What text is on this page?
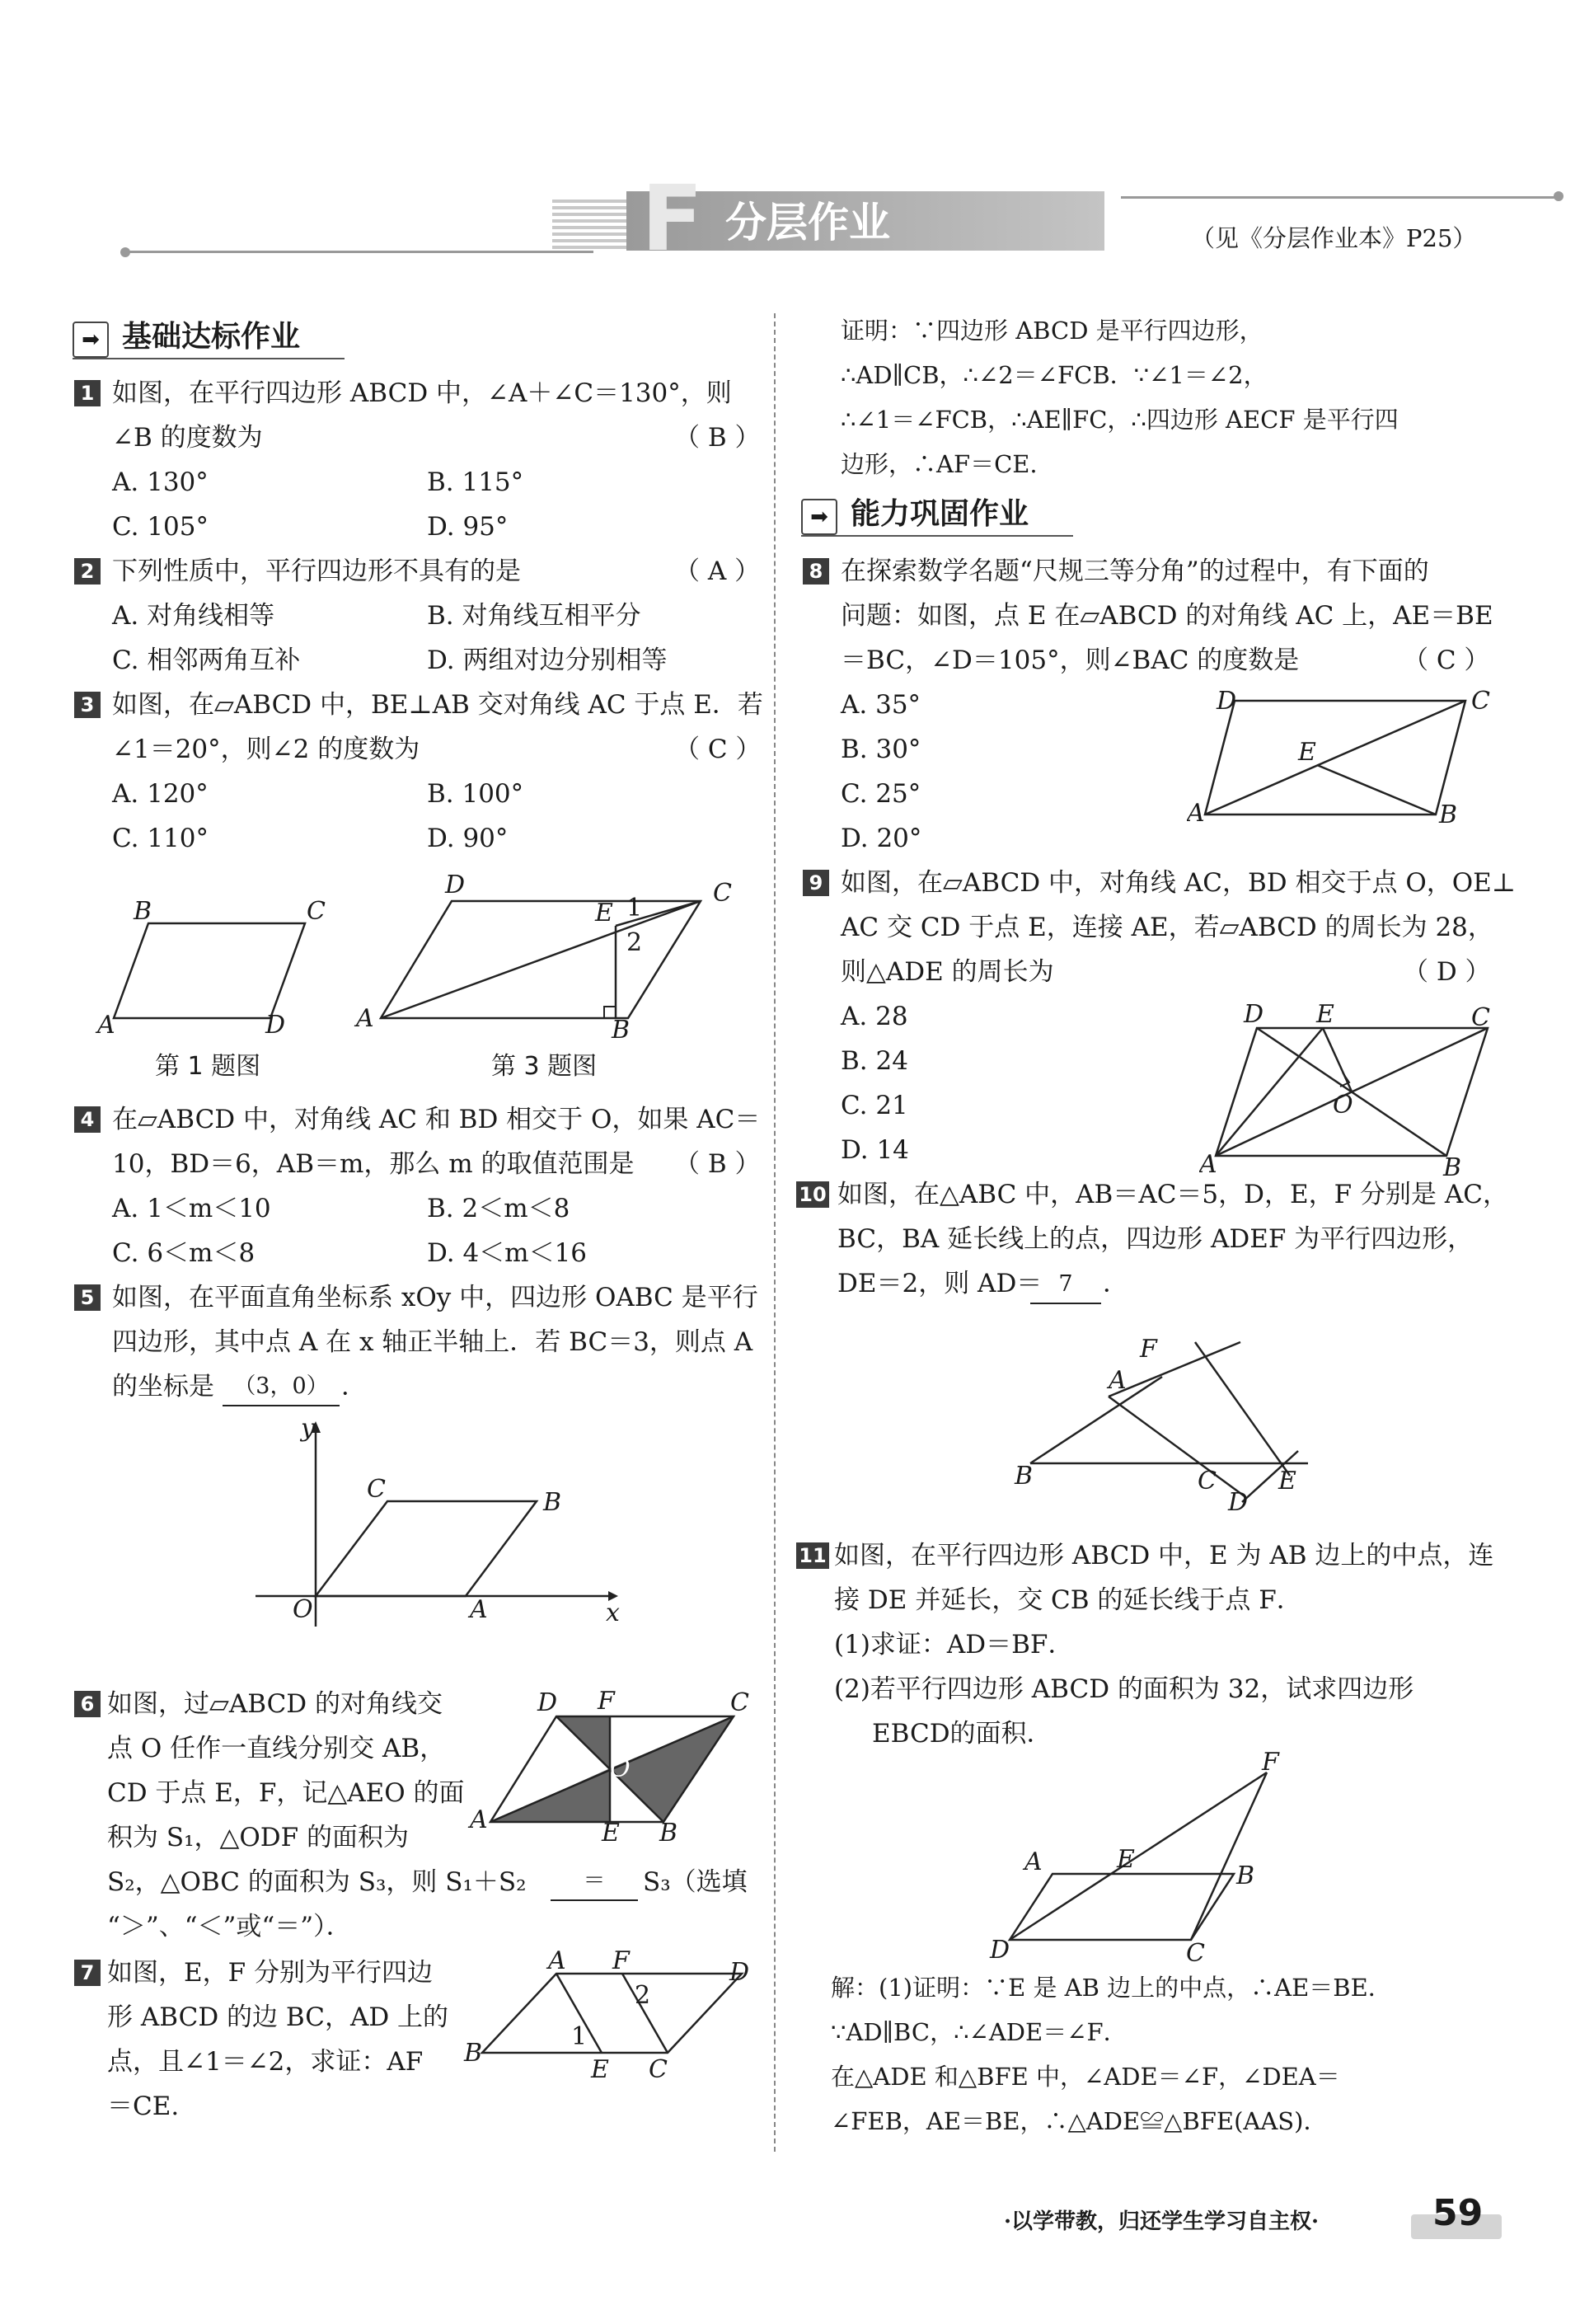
F 分层作业	（见《分层作业本》P25）
➡ 基础达标作业
1 如图，在平行四边形 ABCD 中，∠A＋∠C＝130°，则
∠B 的度数为	（ B ）
A. 130°	B. 115°
C. 105°	D. 95°
2 下列性质中，平行四边形不具有的是	（ A ）
A. 对角线相等	B. 对角线互相平分
C. 相邻两角互补	D. 两组对边分别相等
3 如图，在▱ABCD 中，BE⊥AB 交对角线 AC 于点 E．若
∠1＝20°，则∠2 的度数为	（ C ）
A. 120°	B. 100°
C. 110°	D. 90°
B	C
A	D
第 1 题图
D	C
E 1
2
A	B
第 3 题图
4 在▱ABCD 中，对角线 AC 和 BD 相交于 O，如果 AC＝
10，BD＝6，AB＝m，那么 m 的取值范围是 （ B ）
A. 1＜m＜10	B. 2＜m＜8
C. 6＜m＜8	D. 4＜m＜16
5 如图，在平面直角坐标系 xOy 中，四边形 OABC 是平行
四边形，其中点 A 在 x 轴正半轴上．若 BC＝3，则点 A
的坐标是 （3，0） ．
y
C	B
O	A	x
6 如图，过▱ABCD 的对角线交
点 O 任作一直线分别交 AB，
CD 于点 E，F，记△AEO 的面
积为 S₁，△ODF 的面积为
S₂，△OBC 的面积为 S₃，则 S₁＋S₂	＝	S₃（选填
“＞”、“＜”或“＝”）．
D F	C
O
A	E B
7 如图，E，F 分别为平行四边
形 ABCD 的边 BC，AD 上的
点，且∠1＝∠2，求证：AF
＝CE.
A F	D
2
1
B
E C
证明：∵四边形 ABCD 是平行四边形，
∴AD∥CB，∴∠2＝∠FCB．∵∠1＝∠2，
∴∠1＝∠FCB，∴AE∥FC，∴四边形 AECF 是平行四
边形，∴AF＝CE.
➡ 能力巩固作业
8 在探索数学名题“尺规三等分角”的过程中，有下面的
问题：如图，点 E 在▱ABCD 的对角线 AC 上，AE＝BE
＝BC，∠D＝105°，则∠BAC 的度数是	（ C ）
A. 35°
B. 30°
C. 25°
D. 20°
D	C
E
A	B
9 如图，在▱ABCD 中，对角线 AC，BD 相交于点 O，OE⊥
AC 交 CD 于点 E，连接 AE，若▱ABCD 的周长为 28，
则△ADE 的周长为	（ D ）
A. 28
B. 24
C. 21
D. 14
D E	C
O
A	B
10 如图，在△ABC 中，AB＝AC＝5，D，E，F 分别是 AC，
BC，BA 延长线上的点，四边形 ADEF 为平行四边形，
DE＝2，则 AD＝ 7	．
F
A
B	C	E
D
11 如图，在平行四边形 ABCD 中，E 为 AB 边上的中点，连
接 DE 并延长，交 CB 的延长线于点 F．
(1)求证：AD＝BF．
(2)若平行四边形 ABCD 的面积为 32，试求四边形
EBCD的面积．
F
A	E
B
D	C
解：(1)证明：∵E 是 AB 边上的中点，∴AE＝BE．
∵AD∥BC，∴∠ADE＝∠F．
在△ADE 和△BFE 中，∠ADE＝∠F，∠DEA＝
∠FEB，AE＝BE，∴△ADE≌△BFE(AAS)．
·以学带教，归还学生学习自主权·	59
